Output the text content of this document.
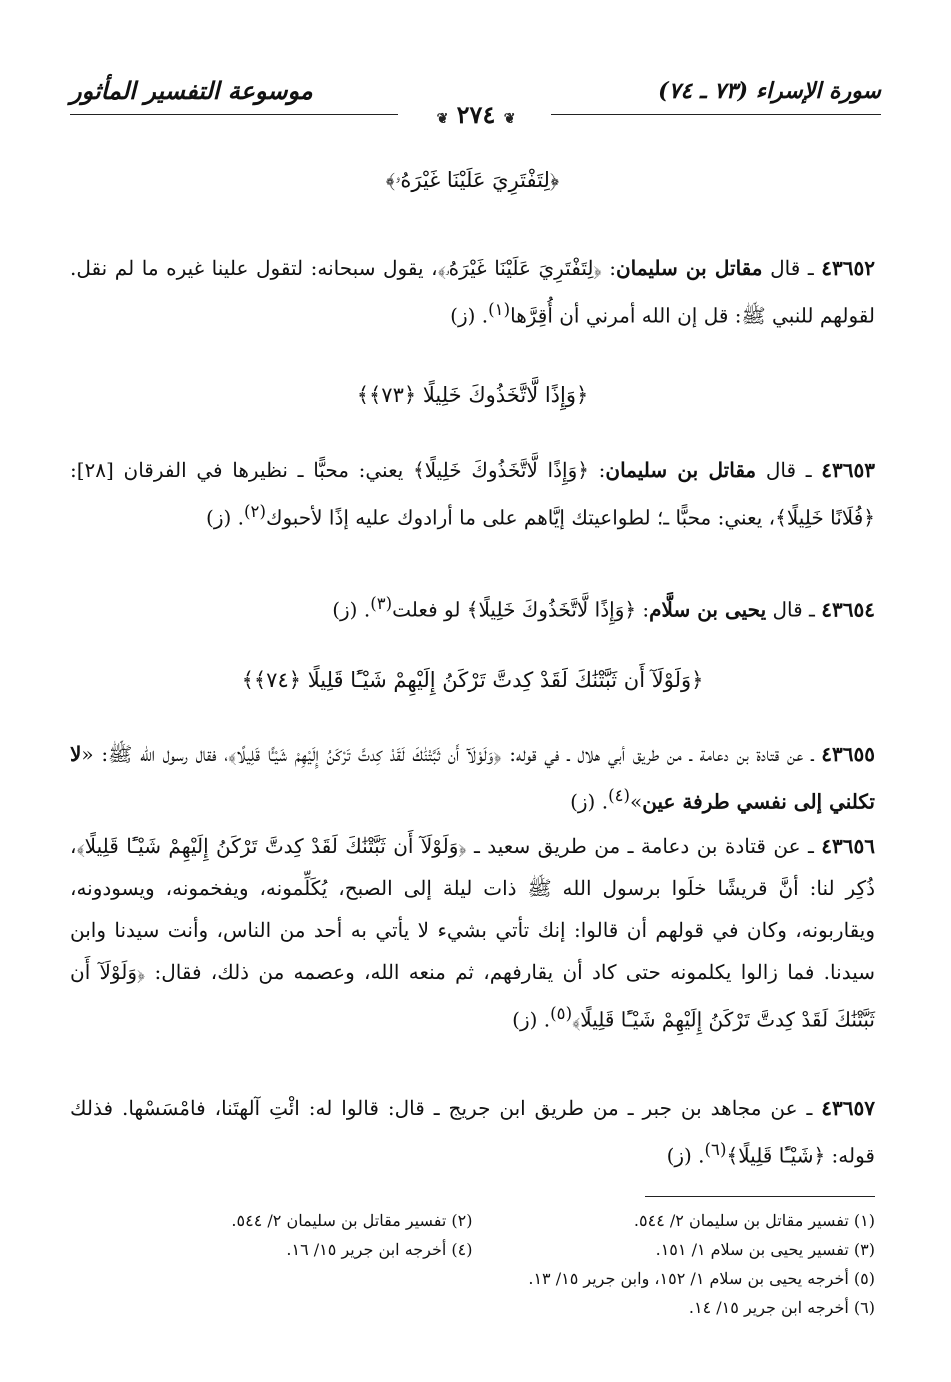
سورة الإسراء (٧٣ ـ ٧٤)
موسوعة التفسير المأثور
❦ ٢٧٤ ❦

﴿لِتَفْتَرِيَ عَلَيْنَا غَيْرَهُۥ﴾

٤٣٦٥٢ ـ قال مقاتل بن سليمان: ﴿لِتَفْتَرِيَ عَلَيْنَا غَيْرَهُۥ﴾، يقول سبحانه: لتقول علينا غيره ما لم نقل. لقولهم للنبي ﷺ: قل إن الله أمرني أن أُقِرَّها$^{(١)}$. (ز)

﴿وَإِذًا لَّاتَّخَذُوكَ خَلِيلًا ﴿٧٣﴾﴾

٤٣٦٥٣ ـ قال مقاتل بن سليمان: ﴿وَإِذًا لَّاتَّخَذُوكَ خَلِيلًا﴾ يعني: محبًّا ـ نظيرها في الفرقان [٢٨]: ﴿فُلَانًا خَلِيلًا﴾، يعني: محبًّا ـ؛ لطواعيتك إيَّاهم على ما أرادوك عليه إذًا لأحبوك$^{(٢)}$. (ز)

٤٣٦٥٤ ـ قال يحيى بن سلَّام: ﴿وَإِذًا لَّاتَّخَذُوكَ خَلِيلًا﴾ لو فعلت$^{(٣)}$. (ز)

﴿وَلَوْلَآ أَن ثَبَّتْنَٰكَ لَقَدْ كِدتَّ تَرْكَنُ إِلَيْهِمْ شَيْـًٔا قَلِيلًا ﴿٧٤﴾﴾

٤٣٦٥٥ ـ عن قتادة بن دعامة ـ من طريق أبي هلال ـ في قوله: ﴿وَلَوْلَآ أَن ثَبَّتْنَٰكَ لَقَدْ كِدتَّ تَرْكَنُ إِلَيْهِمْ شَيْـًٔا قَلِيلًا﴾، فقال رسول الله ﷺ: «لا تكلني إلى نفسي طرفة عين»$^{(٤)}$. (ز)

٤٣٦٥٦ ـ عن قتادة بن دعامة ـ من طريق سعيد ـ ﴿وَلَوْلَآ أَن ثَبَّتْنَٰكَ لَقَدْ كِدتَّ تَرْكَنُ إِلَيْهِمْ شَيْـًٔا قَلِيلًا﴾، ذُكِر لنا: أنَّ قريشًا خلَوا برسول الله ﷺ ذات ليلة إلى الصبح، يُكَلِّمونه، ويفخمونه، ويسودونه، ويقاربونه، وكان في قولهم أن قالوا: إنك تأتي بشيء لا يأتي به أحد من الناس، وأنت سيدنا وابن سيدنا. فما زالوا يكلمونه حتى كاد أن يقارفهم، ثم منعه الله، وعصمه من ذلك، فقال: ﴿وَلَوْلَآ أَن ثَبَّتْنَٰكَ لَقَدْ كِدتَّ تَرْكَنُ إِلَيْهِمْ شَيْـًٔا قَلِيلًا﴾$^{(٥)}$. (ز)

٤٣٦٥٧ ـ عن مجاهد بن جبر ـ من طريق ابن جريج ـ قال: قالوا له: ائْتِ آلهتَنا، فامْسَسْها. فذلك قوله: ﴿شَيْـًٔا قَلِيلًا﴾$^{(٦)}$. (ز)

(١) تفسير مقاتل بن سليمان ٢/ ٥٤٤.
(٢) تفسير مقاتل بن سليمان ٢/ ٥٤٤.
(٣) تفسير يحيى بن سلام ١/ ١٥١.
(٤) أخرجه ابن جرير ١٥/ ١٦.
(٥) أخرجه يحيى بن سلام ١/ ١٥٢، وابن جرير ١٥/ ١٣.
(٦) أخرجه ابن جرير ١٥/ ١٤.
